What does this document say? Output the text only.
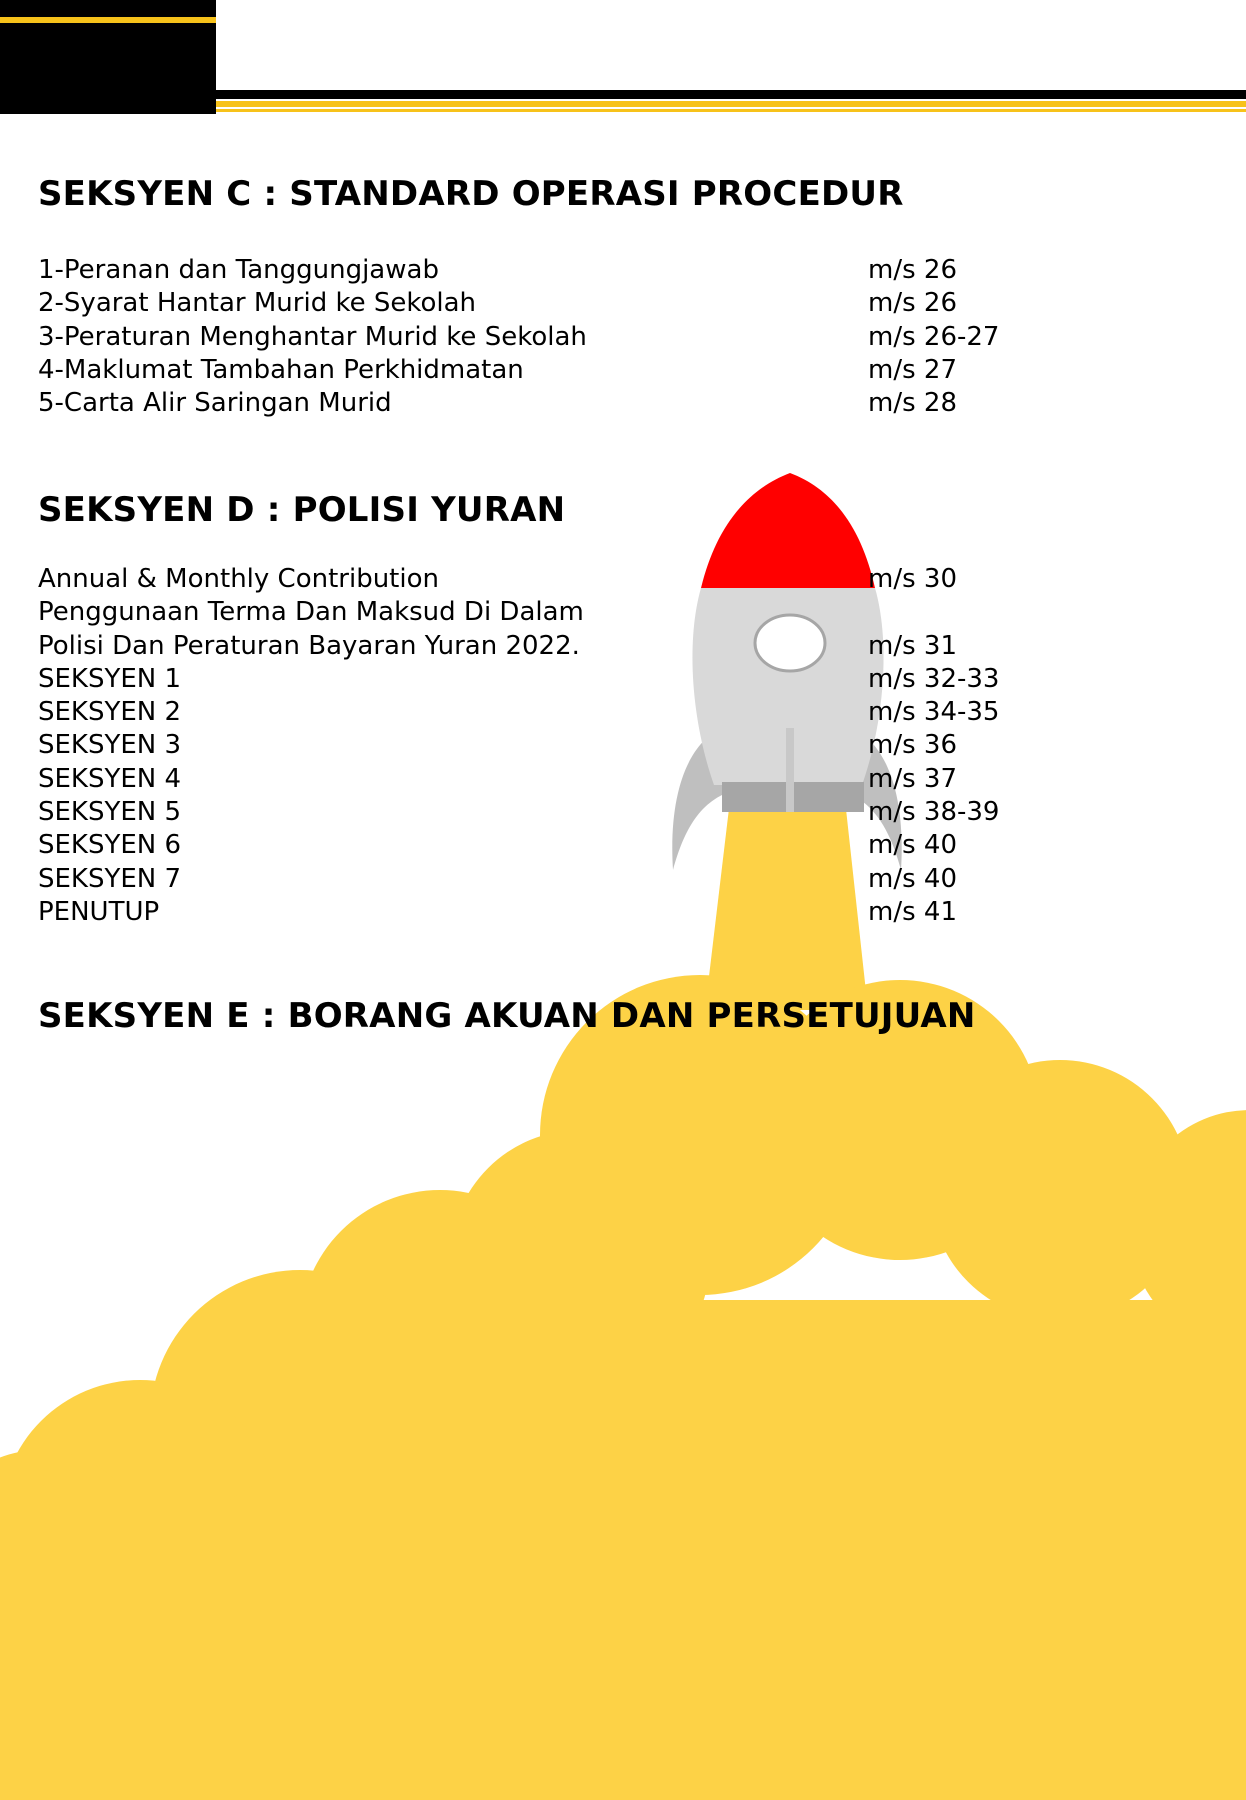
SEKSYEN C : STANDARD OPERASI PROCEDUR
1-Peranan dan Tanggungjawab	m/s 26
2-Syarat Hantar Murid ke Sekolah	m/s 26
3-Peraturan Menghantar Murid ke Sekolah	m/s 26-27
4-Maklumat Tambahan Perkhidmatan	m/s 27
5-Carta Alir Saringan Murid	m/s 28
SEKSYEN D : POLISI YURAN
Annual & Monthly Contribution	m/s 30
Penggunaan Terma Dan Maksud Di Dalam
Polisi Dan Peraturan Bayaran Yuran 2022.	m/s 31
SEKSYEN 1	m/s 32-33
SEKSYEN 2	m/s 34-35
SEKSYEN 3	m/s 36
SEKSYEN 4	m/s 37
SEKSYEN 5	m/s 38-39
SEKSYEN 6	m/s 40
SEKSYEN 7	m/s 40
PENUTUP	m/s 41
SEKSYEN E : BORANG AKUAN DAN PERSETUJUAN
